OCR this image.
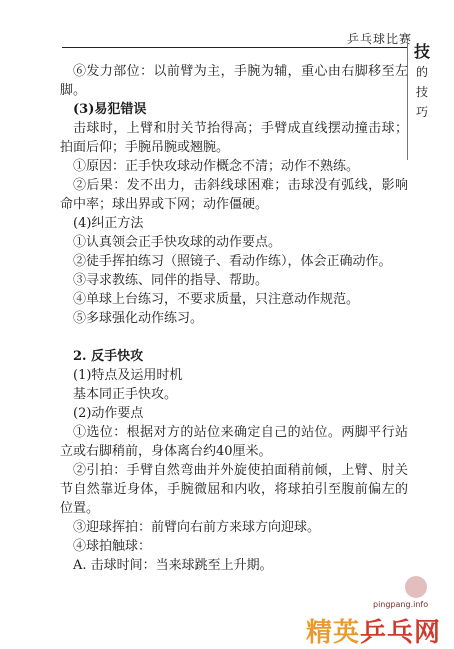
乒乓球比赛
技
的
技
巧

⑥发力部位：以前臂为主，手腕为辅，重心由右脚移至左脚。

(3)易犯错误

击球时，上臂和肘关节抬得高；手臂成直线摆动撞击球；拍面后仰；手腕吊腕或翘腕。

①原因：正手快攻球动作概念不清；动作不熟练。

②后果：发不出力，击斜线球困难；击球没有弧线，影响命中率；球出界或下网；动作僵硬。

(4)纠正方法

①认真领会正手快攻球的动作要点。

②徒手挥拍练习（照镜子、看动作练），体会正确动作。

③寻求教练、同伴的指导、帮助。

④单球上台练习，不要求质量，只注意动作规范。

⑤多球强化动作练习。

2. 反手快攻

(1)特点及运用时机

基本同正手快攻。

(2)动作要点

①选位：根据对方的站位来确定自己的站位。两脚平行站立或右脚稍前，身体离台约40厘米。

②引拍：手臂自然弯曲并外旋使拍面稍前倾，上臂、肘关节自然靠近身体，手腕微屈和内收，将球拍引至腹前偏左的位置。

③迎球挥拍：前臂向右前方来球方向迎球。

④球拍触球：

A. 击球时间：当来球跳至上升期。

pingpang.info
精英乒乓网
